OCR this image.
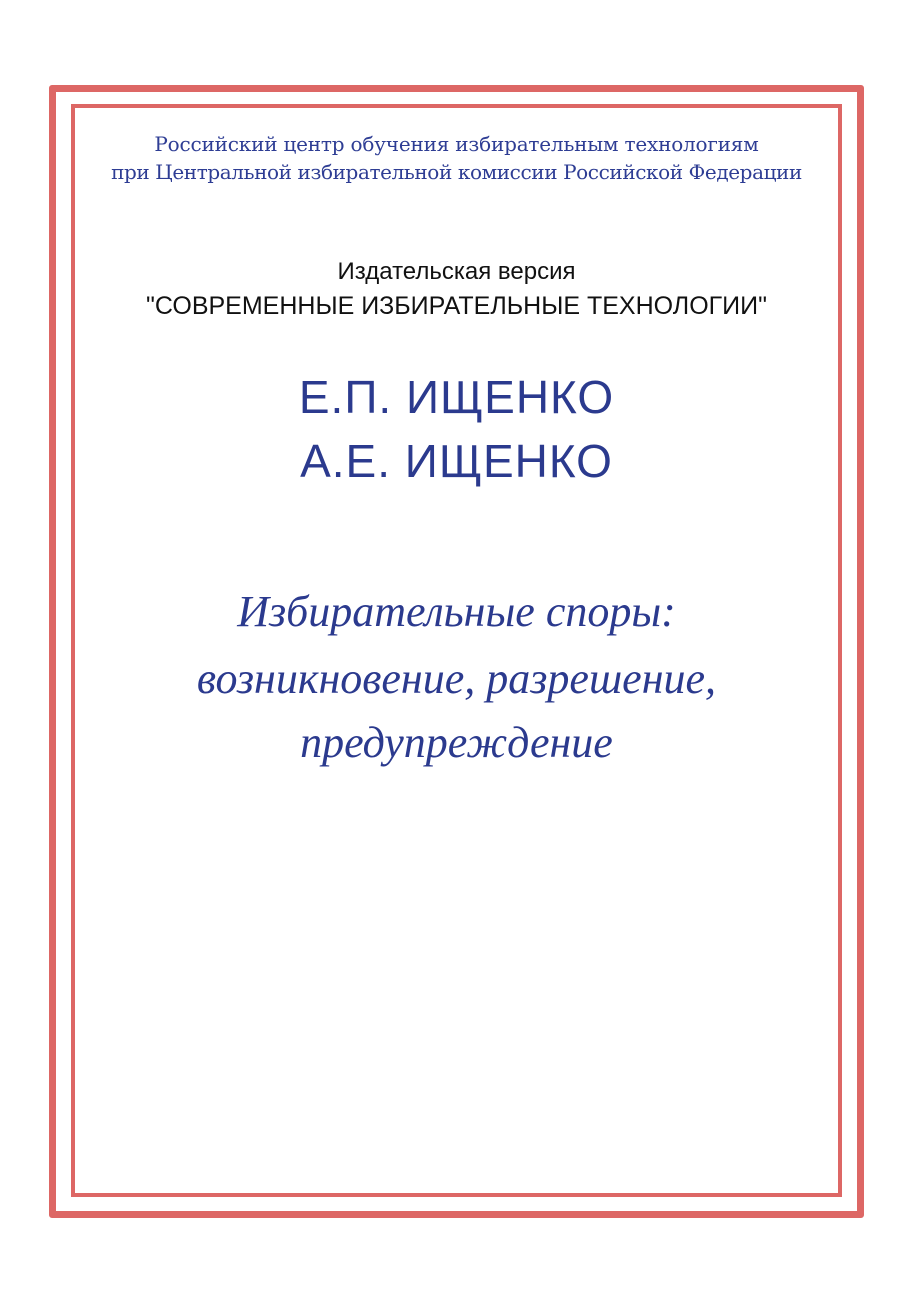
Российский центр обучения избирательным технологиям

при Центральной избирательной комиссии Российской Федерации

Издательская версия

"СОВРЕМЕННЫЕ ИЗБИРАТЕЛЬНЫЕ ТЕХНОЛОГИИ"

Е.П. ИЩЕНКО

А.Е. ИЩЕНКО

Избирательные споры:

возникновение, разрешение,

предупреждение
